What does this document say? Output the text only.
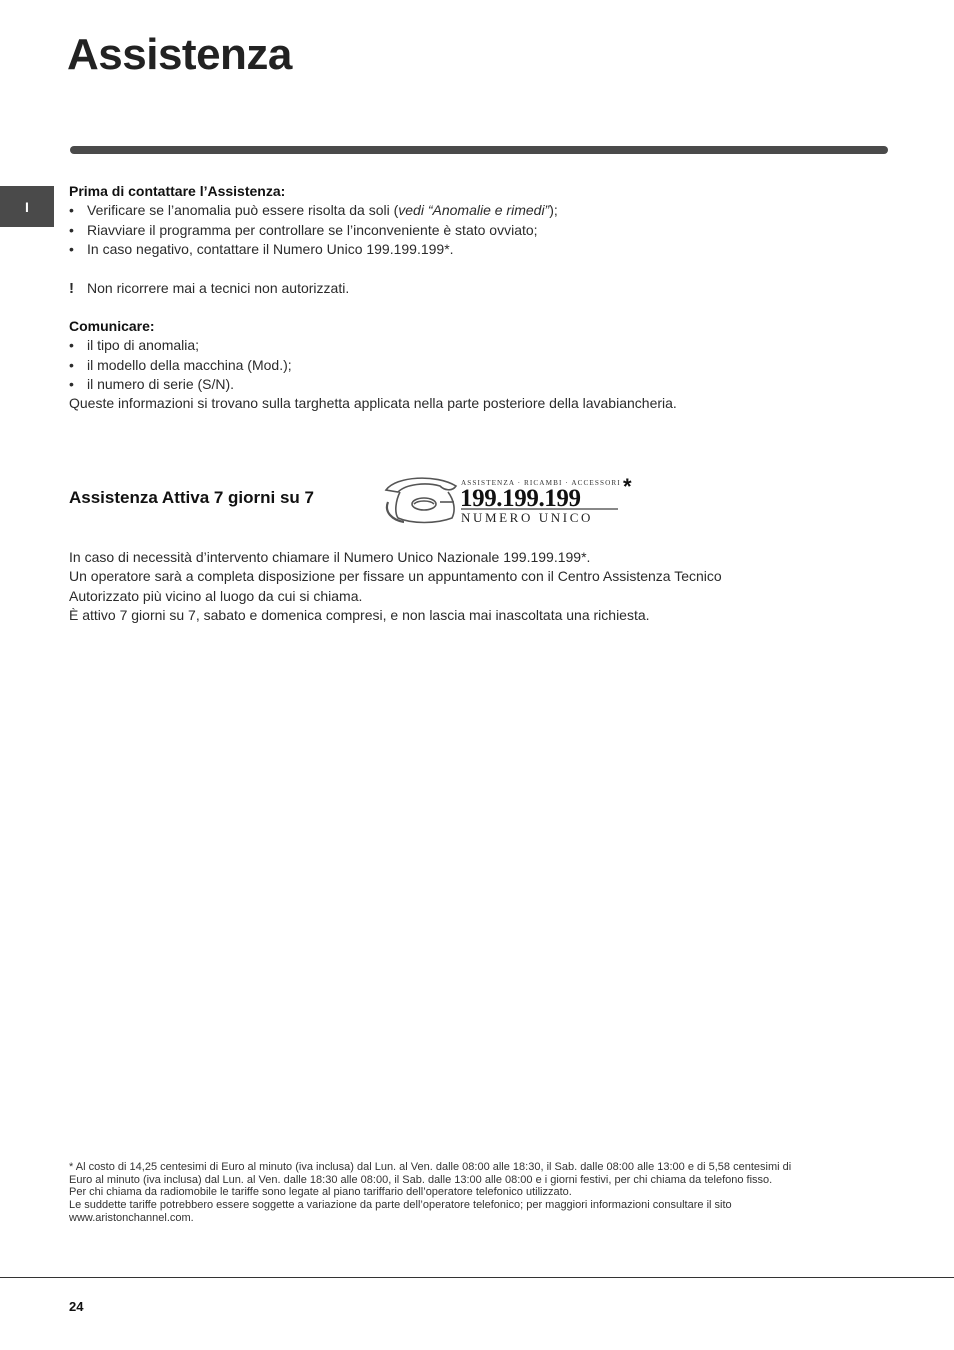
Assistenza
I

Prima di contattare l’Assistenza:

• Verificare se l’anomalia può essere risolta da soli (vedi “Anomalie e rimedi”);
• Riavviare il programma per controllare se l’inconveniente è stato ovviato;
• In caso negativo, contattare il Numero Unico 199.199.199*.
! Non ricorrere mai a tecnici non autorizzati.

Comunicare:

• il tipo di anomalia;
• il modello della macchina (Mod.);
• il numero di serie (S/N).

Queste informazioni si trovano sulla targhetta applicata nella parte posteriore della lavabiancheria.

Assistenza Attiva 7 giorni su 7
ASSISTENZA · RICAMBI · ACCESSORI
199.199.199
NUMERO UNICO
*

In caso di necessità d’intervento chiamare il Numero Unico Nazionale 199.199.199*.

Un operatore sarà a completa disposizione per fissare un appuntamento con il Centro Assistenza Tecnico

Autorizzato più vicino al luogo da cui si chiama.

È attivo 7 giorni su 7, sabato e domenica compresi, e non lascia mai inascoltata una richiesta.

* Al costo di 14,25 centesimi di Euro al minuto (iva inclusa) dal Lun. al Ven. dalle 08:00 alle 18:30, il Sab. dalle 08:00 alle 13:00 e di 5,58 centesimi di
Euro al minuto (iva inclusa) dal Lun. al Ven. dalle 18:30 alle 08:00, il Sab. dalle 13:00 alle 08:00 e i giorni festivi, per chi chiama da telefono fisso.
Per chi chiama da radiomobile le tariffe sono legate al piano tariffario dell’operatore telefonico utilizzato.
Le suddette tariffe potrebbero essere soggette a variazione da parte dell’operatore telefonico; per maggiori informazioni consultare il sito
www.aristonchannel.com.
24
